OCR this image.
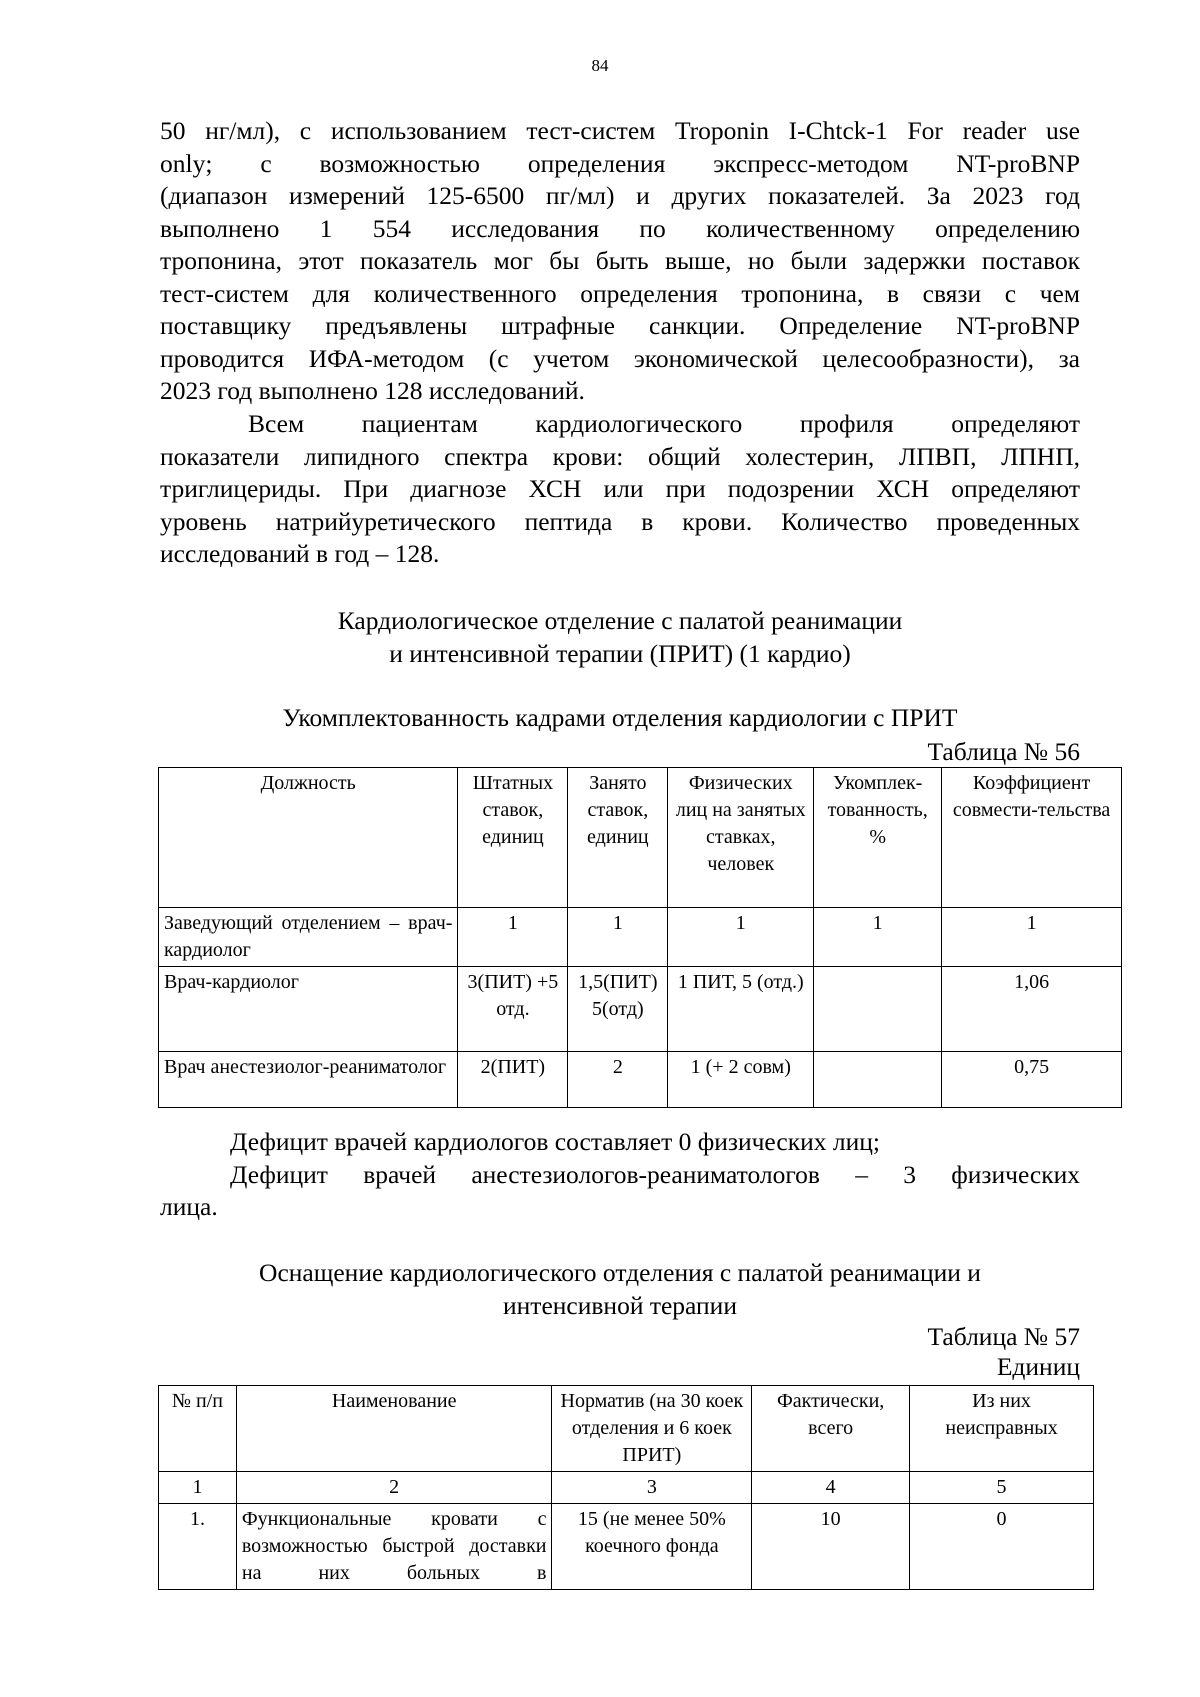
84
50 нг/мл), с использованием тест-систем Troponin I-Chtck-1 For reader use
only; с возможностью определения экспресс-методом NT-proBNP
(диапазон измерений 125-6500 пг/мл) и других показателей. За 2023 год
выполнено 1 554 исследования по количественному определению
тропонина, этот показатель мог бы быть выше, но были задержки поставок
тест-систем для количественного определения тропонина, в связи с чем
поставщику предъявлены штрафные санкции. Определение NT-proBNP
проводится ИФА-методом (с учетом экономической целесообразности), за
2023 год выполнено 128 исследований.
Всем пациентам кардиологического профиля определяют
показатели липидного спектра крови: общий холестерин, ЛПВП, ЛПНП,
триглицериды. При диагнозе ХСН или при подозрении ХСН определяют
уровень натрийуретического пептида в крови. Количество проведенных
исследований в год – 128.
Кардиологическое отделение с палатой реанимации
и интенсивной терапии (ПРИТ) (1 кардио)
Укомплектованность кадрами отделения кардиологии с ПРИТ
Таблица № 56
Должность	Штатных ставок, единиц	Занято ставок, единиц	Физических лиц на занятых ставках, человек	Укомплек-тованность, %	Коэффициент совмести-тельства
Заведующий отделением – врач-кардиолог	1	1	1	1	1
Врач-кардиолог	3(ПИТ) +5 отд.	1,5(ПИТ) 5(отд)	1 ПИТ, 5 (отд.)		1,06
Врач анестезиолог-реаниматолог	2(ПИТ)	2	1 (+ 2 совм)		0,75
Дефицит врачей кардиологов составляет 0 физических лиц;
Дефицит врачей анестезиологов-реаниматологов – 3 физических
лица.
Оснащение кардиологического отделения с палатой реанимации и
интенсивной терапии
Таблица № 57
Единиц
№ п/п	Наименование	Норматив (на 30 коек отделения и 6 коек ПРИТ)	Фактически, всего	Из них неисправных
1	2	3	4	5
1.	Функциональные кровати с возможностью быстрой доставки на них больных в	15 (не менее 50% коечного фонда	10	0
